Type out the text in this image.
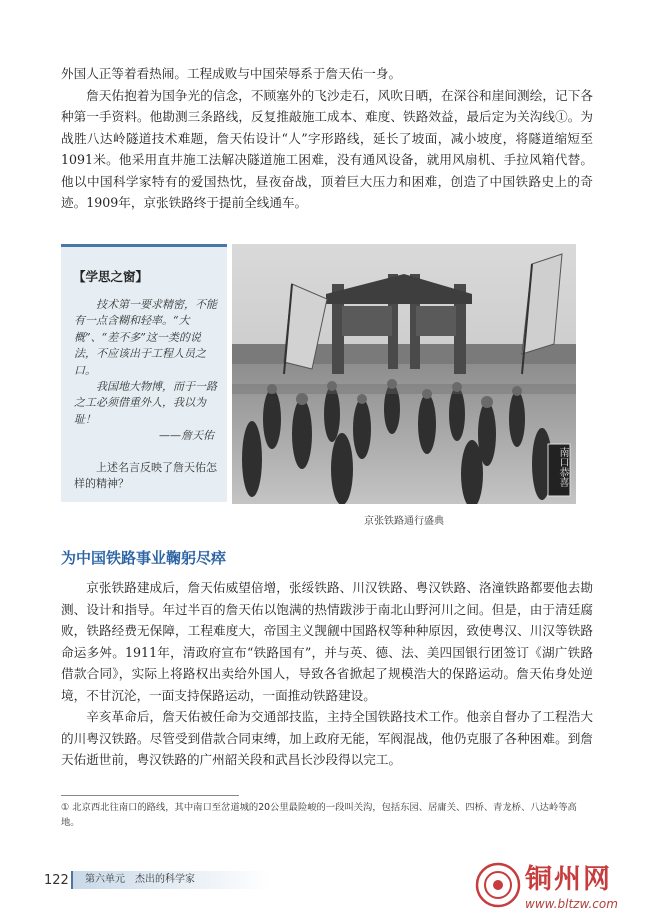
外国人正等着看热闹。工程成败与中国荣辱系于詹天佑一身。

詹天佑抱着为国争光的信念，不顾塞外的飞沙走石，风吹日晒，在深谷和崖间测绘，记下各种第一手资料。他勘测三条路线，反复推敲施工成本、难度、铁路效益，最后定为关沟线①。为战胜八达岭隧道技术难题，詹天佑设计“人”字形路线，延长了坡面，减小坡度，将隧道缩短至1091米。他采用直井施工法解决隧道施工困难，没有通风设备，就用风扇机、手拉风箱代替。他以中国科学家特有的爱国热忱，昼夜奋战，顶着巨大压力和困难，创造了中国铁路史上的奇迹。1909年，京张铁路终于提前全线通车。

【学思之窗】

技术第一要求精密，不能有一点含糊和轻率。“大概”、“差不多”这一类的说法，不应该出于工程人员之口。

我国地大物博，而于一路之工必须借重外人，我以为耻！

——詹天佑

上述名言反映了詹天佑怎样的精神？	南口恭喜
京张铁路通行盛典
为中国铁路事业鞠躬尽瘁

京张铁路建成后，詹天佑威望倍增，张绥铁路、川汉铁路、粤汉铁路、洛潼铁路都要他去勘测、设计和指导。年过半百的詹天佑以饱满的热情跋涉于南北山野河川之间。但是，由于清廷腐败，铁路经费无保障，工程难度大，帝国主义觊觎中国路权等种种原因，致使粤汉、川汉等铁路命运多舛。1911年，清政府宣布“铁路国有”，并与英、德、法、美四国银行团签订《湖广铁路借款合同》，实际上将路权出卖给外国人，导致各省掀起了规模浩大的保路运动。詹天佑身处逆境，不甘沉沦，一面支持保路运动，一面推动铁路建设。

辛亥革命后，詹天佑被任命为交通部技监，主持全国铁路技术工作。他亲自督办了工程浩大的川粤汉铁路。尽管受到借款合同束缚，加上政府无能，军阀混战，他仍克服了各种困难。到詹天佑逝世前，粤汉铁路的广州韶关段和武昌长沙段得以完工。

① 北京西北往南口的路线，其中南口至岔道城的20公里最险峻的一段叫关沟，包括东园、居庸关、四桥、青龙桥、八达岭等高地。
122	第六单元　杰出的科学家	铜州网
www.bltzw.com
